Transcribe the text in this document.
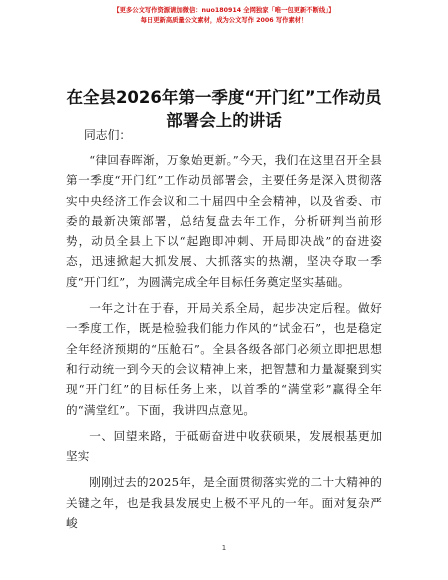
【更多公文写作资源请加微信：nuo180914 全网独家「唯一包更新不断线」】
每日更新高质量公文素材，成为公文写作 2006 写作素材！
在全县2026年第一季度“开门红”工作动员部署会上的讲话
同志们：

“律回春晖渐，万象始更新。”今天，我们在这里召开全县第一季度“开门红”工作动员部署会，主要任务是深入贯彻落实中央经济工作会议和二十届四中全会精神，以及省委、市委的最新决策部署，总结复盘去年工作，分析研判当前形势，动员全县上下以“起跑即冲刺、开局即决战”的奋进姿态，迅速掀起大抓发展、大抓落实的热潮，坚决夺取一季度“开门红”，为圆满完成全年目标任务奠定坚实基础。

一年之计在于春，开局关系全局，起步决定后程。做好一季度工作，既是检验我们能力作风的“试金石”，也是稳定全年经济预期的“压舱石”。全县各级各部门必须立即把思想和行动统一到今天的会议精神上来，把智慧和力量凝聚到实现“开门红”的目标任务上来，以首季的“满堂彩”赢得全年的“满堂红”。下面，我讲四点意见。

一、回望来路，于砥砺奋进中收获硕果，发展根基更加坚实

刚刚过去的2025年，是全面贯彻落实党的二十大精神的关键之年，也是我县发展史上极不平凡的一年。面对复杂严峻

1
